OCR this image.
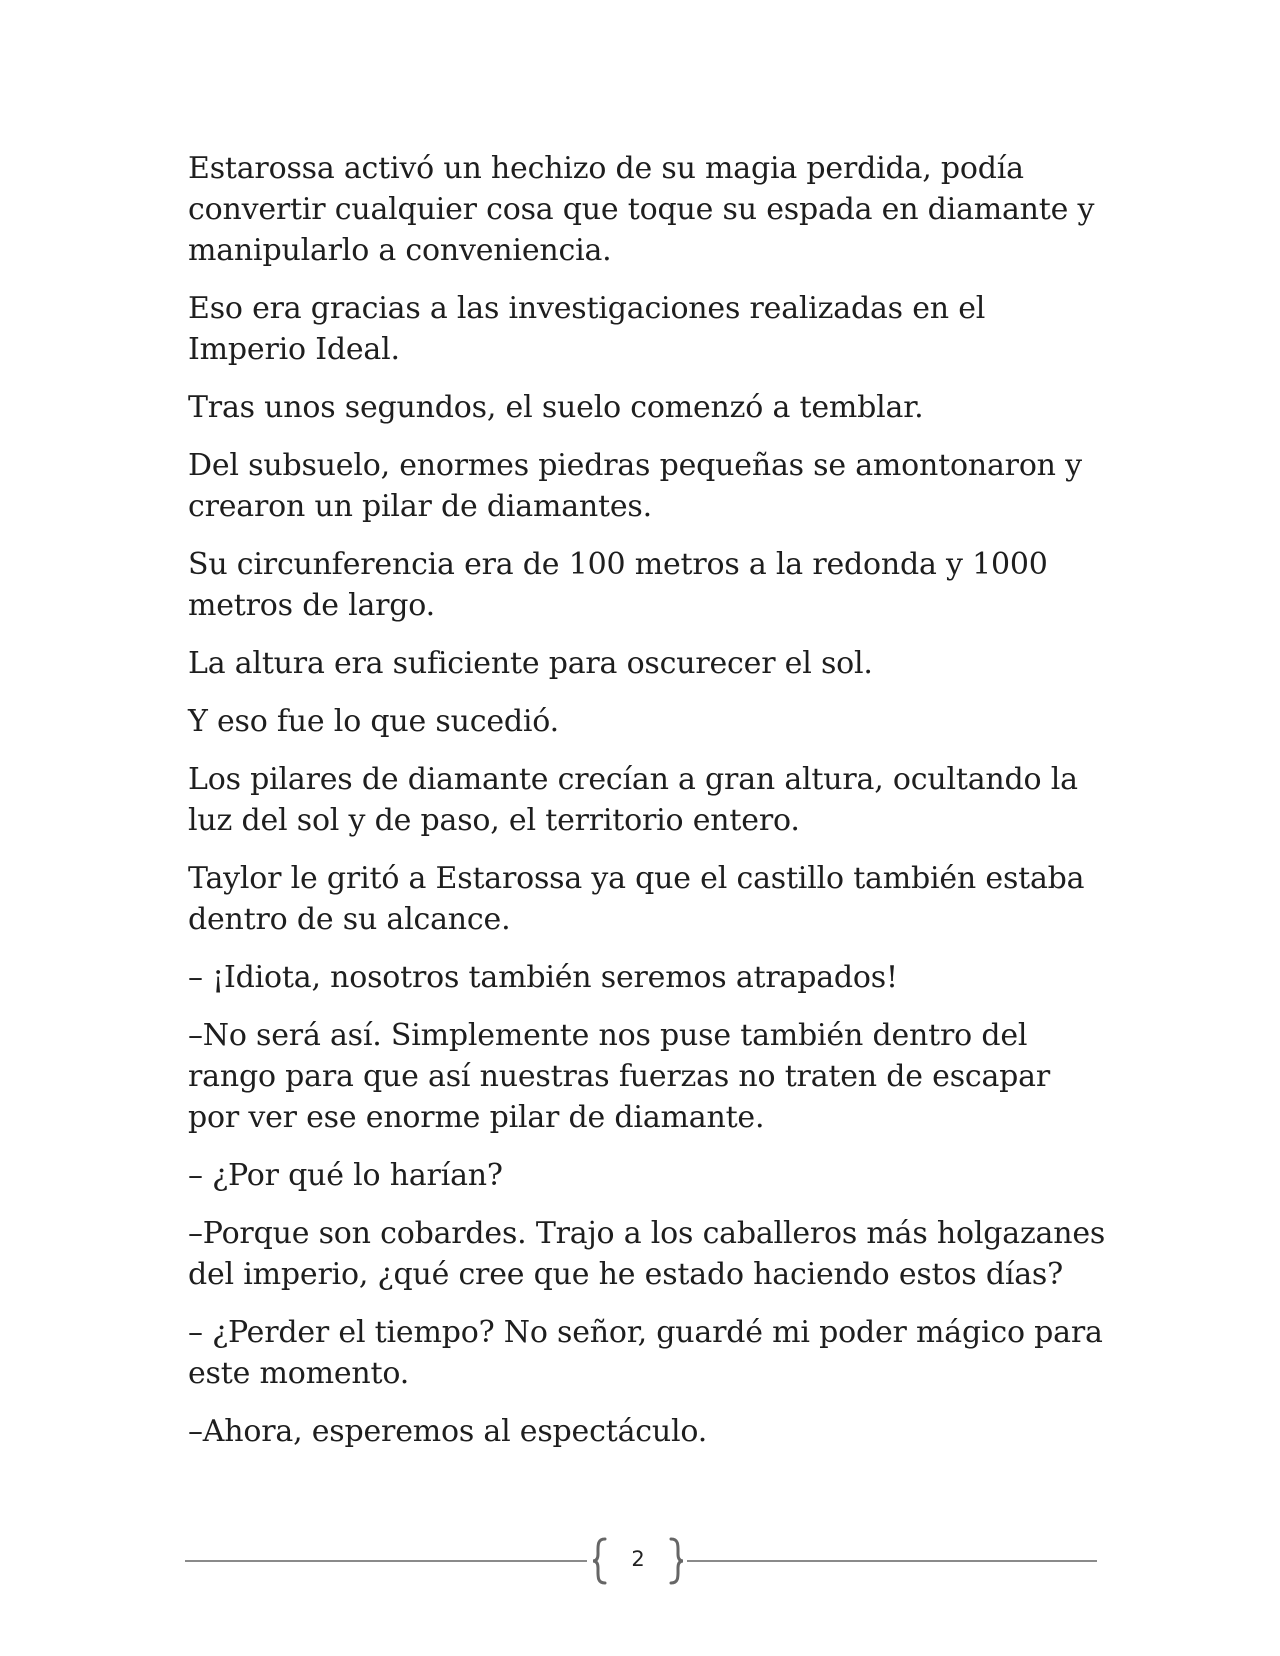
Estarossa activó un hechizo de su magia perdida, podía convertir cualquier cosa que toque su espada en diamante y manipularlo a conveniencia.

Eso era gracias a las investigaciones realizadas en el Imperio Ideal.

Tras unos segundos, el suelo comenzó a temblar.

Del subsuelo, enormes piedras pequeñas se amontonaron y crearon un pilar de diamantes.

Su circunferencia era de 100 metros a la redonda y 1000 metros de largo.

La altura era suficiente para oscurecer el sol.

Y eso fue lo que sucedió.

Los pilares de diamante crecían a gran altura, ocultando la luz del sol y de paso, el territorio entero.

Taylor le gritó a Estarossa ya que el castillo también estaba dentro de su alcance.

– ¡Idiota, nosotros también seremos atrapados!

–No será así. Simplemente nos puse también dentro del rango para que así nuestras fuerzas no traten de escapar por ver ese enorme pilar de diamante.

– ¿Por qué lo harían?

–Porque son cobardes. Trajo a los caballeros más holgazanes del imperio, ¿qué cree que he estado haciendo estos días?

– ¿Perder el tiempo? No señor, guardé mi poder mágico para este momento.

–Ahora, esperemos al espectáculo.

2
